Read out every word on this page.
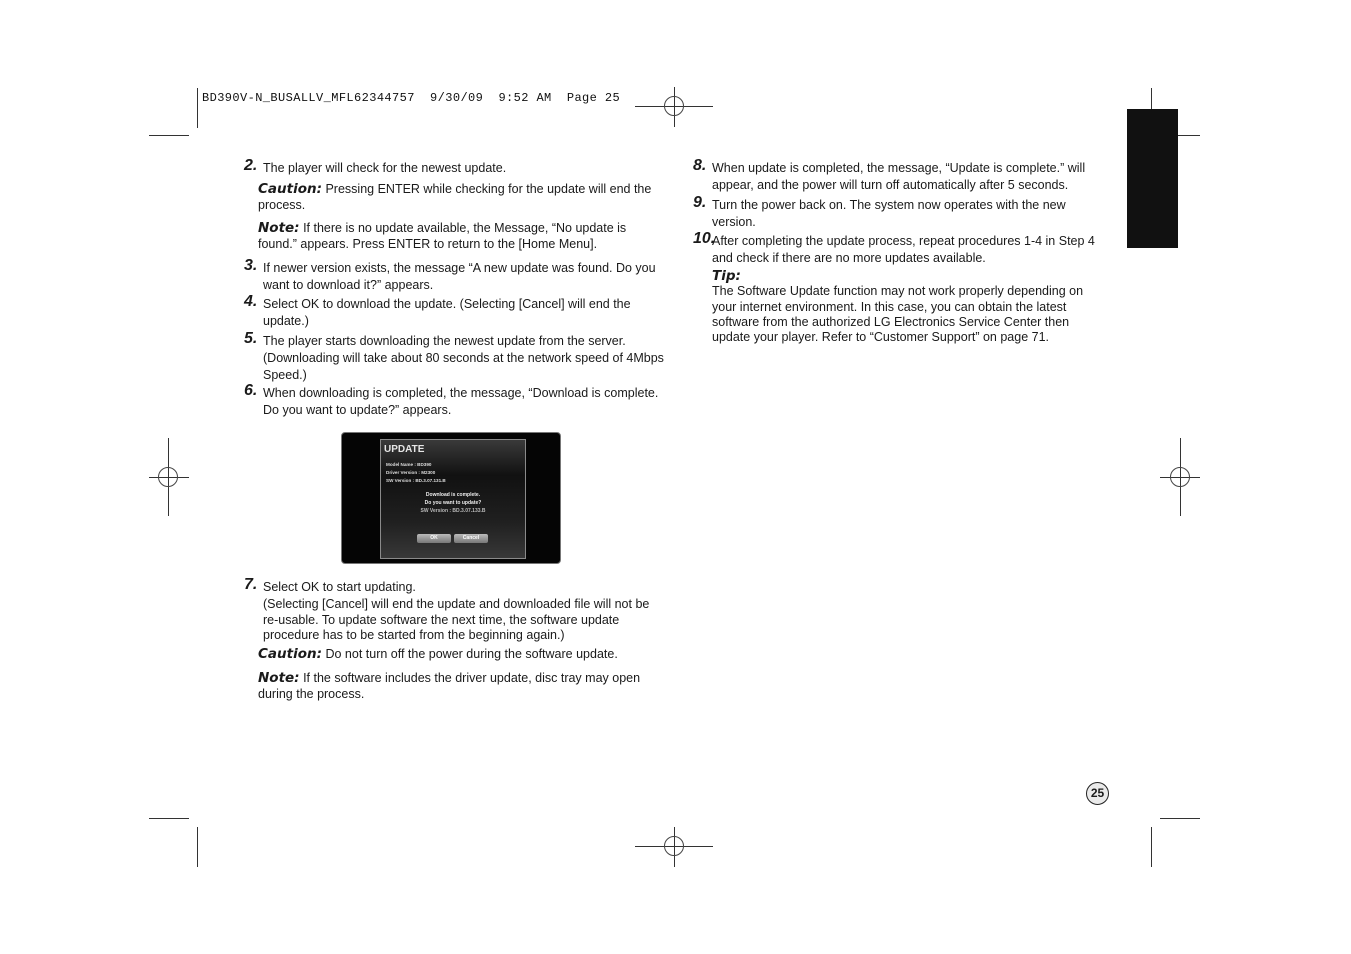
BD390V-N_BUSALLV_MFL62344757  9/30/09  9:52 AM  Page 25
2. The player will check for the newest update.
Caution: Pressing ENTER while checking for the update will end the process.
Note: If there is no update available, the Message, “No update is found.” appears. Press ENTER to return to the [Home Menu].
3. If newer version exists, the message “A new update was found. Do you want to download it?” appears.
4. Select OK to download the update. (Selecting [Cancel] will end the update.)
5. The player starts downloading the newest update from the server. (Downloading will take about 80 seconds at the network speed of 4Mbps Speed.)
6. When downloading is completed, the message, “Download is complete. Do you want to update?” appears.
UPDATE
Model Name : BD390
Driver Version : M2300
SW Version : BD.3.07.131.B
Download is complete.
Do you want to update?
SW Version : BD.3.07.133.B
OK	Cancel
7. Select OK to start updating.
(Selecting [Cancel] will end the update and downloaded file will not be re-usable. To update software the next time, the software update procedure has to be started from the beginning again.)
Caution: Do not turn off the power during the software update.
Note: If the software includes the driver update, disc tray may open during the process.
8. When update is completed, the message, “Update is complete.” will appear, and the power will turn off automatically after 5 seconds.
9. Turn the power back on. The system now operates with the new version.
10.
After completing the update process, repeat procedures 1-4 in Step 4 and check if there are no more updates available.
Tip:
The Software Update function may not work properly depending on your internet environment. In this case, you can obtain the latest software from the authorized LG Electronics Service Center then update your player. Refer to “Customer Support” on page 71.
25
